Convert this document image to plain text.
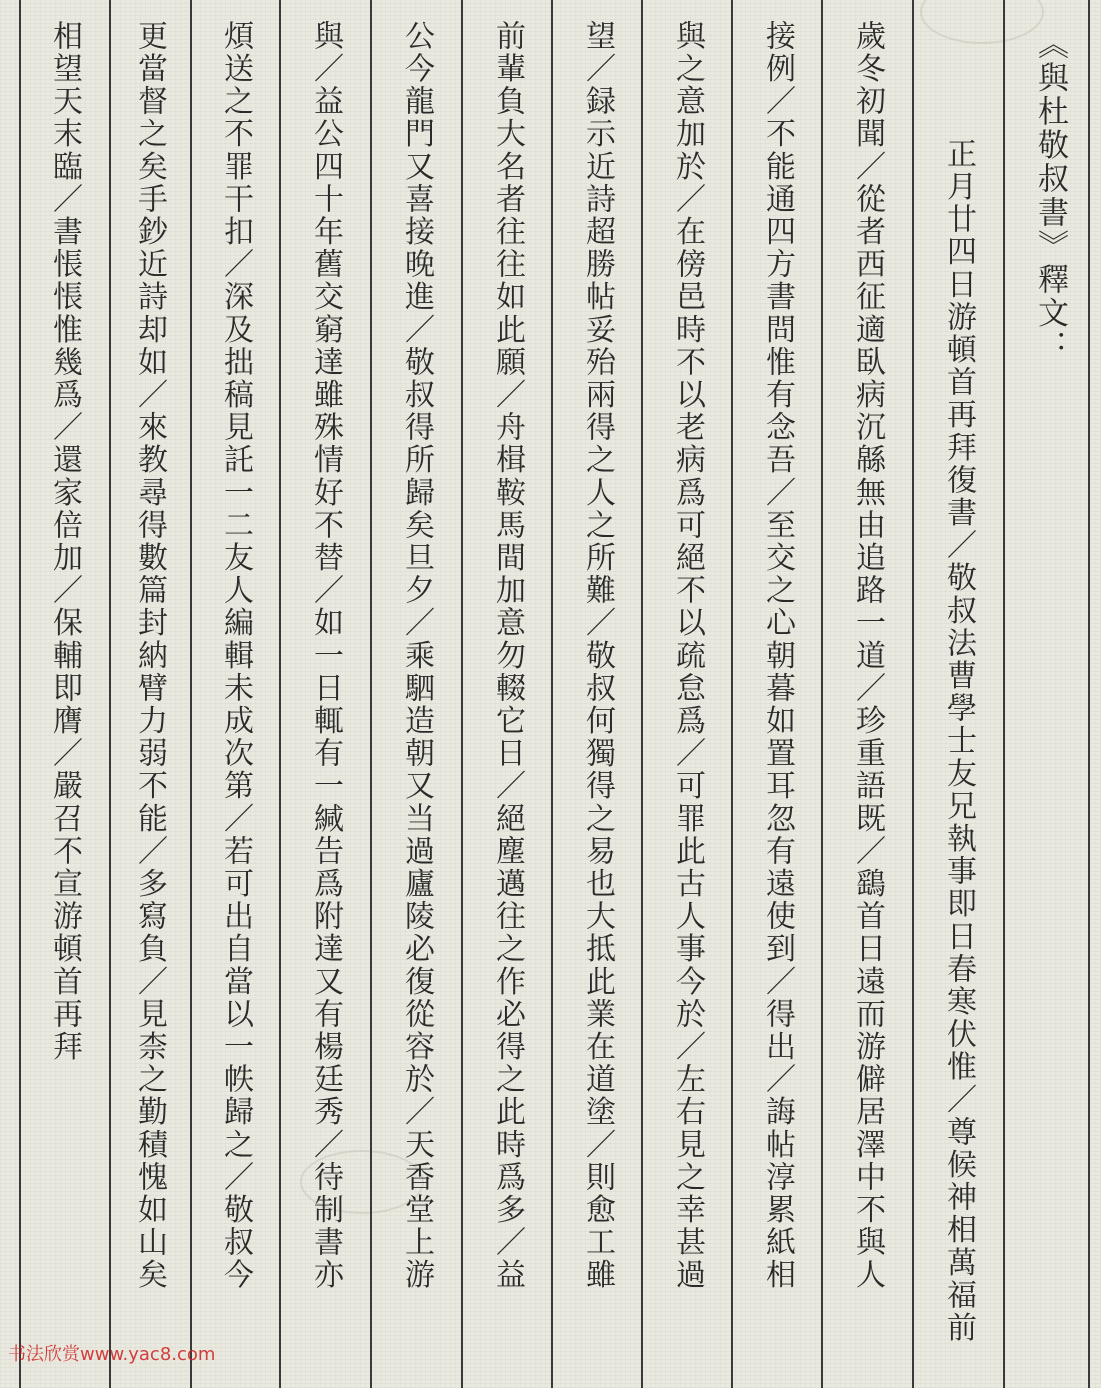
《與杜敬叔書》釋文：
正月廿四日游頓首再拜復書／敬叔法曹學士友兄執事即日春寒伏惟／尊候神相萬福前
歲冬初聞／從者西征適臥病沉緜無由追路一道／珍重語既／鷂首日遠而游僻居澤中不與人
接例／不能通四方書問惟有念吾／至交之心朝暮如置耳忽有遠使到／得出／誨帖淳累紙相
與之意加於／在傍邑時不以老病爲可絕不以疏怠爲／可罪此古人事今於／左右見之幸甚過
望／録示近詩超勝帖妥殆兩得之人之所難／敬叔何獨得之易也大抵此業在道塗／則愈工雖
前輩負大名者往往如此願／舟楫鞍馬間加意勿輟它日／絕塵邁往之作必得之此時爲多／益
公今龍門又喜接晚進／敬叔得所歸矣旦夕／乘駟造朝又当過廬陵必復從容於／天香堂上游
與／益公四十年舊交窮達雖殊情好不替／如一日輒有一緘告爲附達又有楊廷秀／待制書亦
煩送之不罪干扣／深及拙稿見託一二友人編輯未成次第／若可出自當以一帙歸之／敬叔今
更當督之矣手鈔近詩却如／來教尋得數篇封納臂力弱不能／多寫負／見柰之勤積愧如山矣
相望天末臨／書悵悵惟幾爲／還家倍加／保輔即膺／嚴召不宣游頓首再拜
书法欣赏www.yac8.com
